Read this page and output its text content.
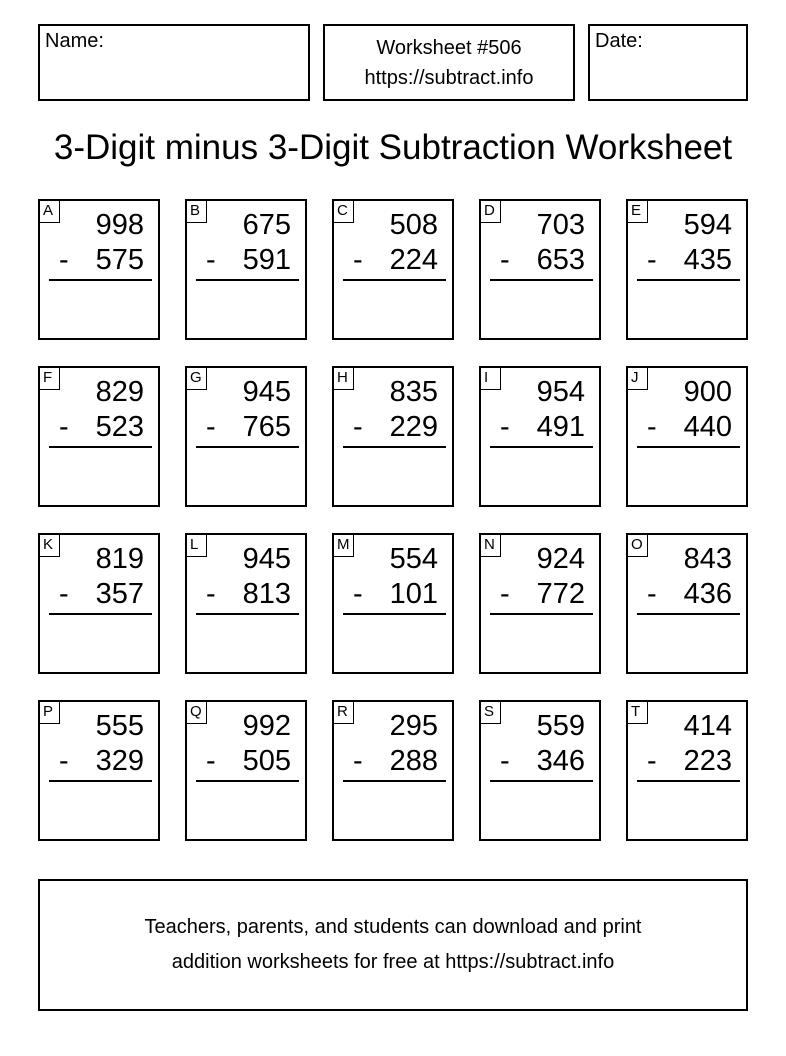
Name:	Worksheet #506
https://subtract.info
Date:
3-Digit minus 3-Digit Subtraction Worksheet
A 998
- 575
B 675
- 591
C 508
- 224
D 703
- 653
E 594
- 435
F 829
- 523
G 945
- 765
H 835
- 229
I	954
- 491
J	900
- 440
K 819
- 357
L 945
- 813
M 554
- 101
N 924
- 772
O 843
- 436
P 555
- 329
Q 992
- 505
R 295
- 288
S 559
- 346
T 414
- 223
Teachers, parents, and students can download and print
addition worksheets for free at https://subtract.info
